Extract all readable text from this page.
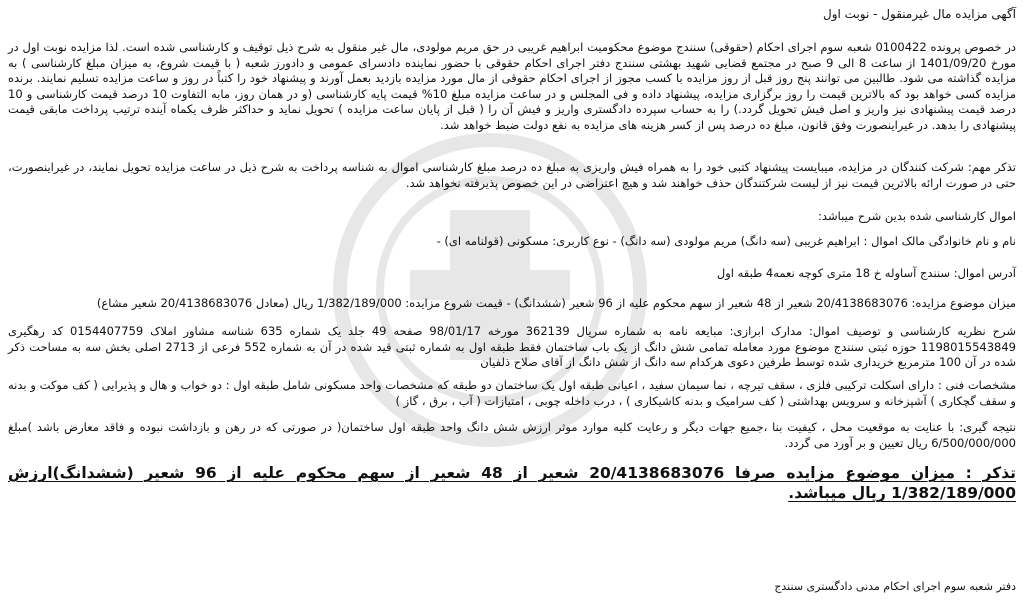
آگهی مزایده مال غیرمنقول - نوبت اول

در خصوص پرونده 0100422 شعبه سوم اجرای احکام (حقوقی) سنندج موضوع محکومیت ابراهیم غریبی در حق مریم مولودی، مال غیر منقول به شرح ذیل توقیف و کارشناسی شده است. لذا مزایده نوبت اول در مورخ 1401/09/20 از ساعت 8 الی 9 صبح در مجتمع قضایی شهید بهشتی سنندج دفتر اجرای احکام حقوقی با حضور نماینده دادسرای عمومی و دادورز شعبه ( با قیمت شروع، به میزان مبلغ کارشناسی ) به مزایده گذاشته می شود. طالبین می توانند پنج روز قبل از روز مزایده با کسب مجوز از اجرای احکام حقوقی از مال مورد مزایده بازدید بعمل آورند و پیشنهاد خود را کتباً در روز و ساعت مزایده تسلیم نمایند. برنده مزایده کسی خواهد بود که بالاترین قیمت را روز برگزاری مزایده، پیشنهاد داده و فی المجلس و در ساعت مزایده مبلغ 10% قیمت پایه کارشناسی (و در همان روز، مابه التفاوت 10 درصد قیمت کارشناسی و 10 درصد قیمت پیشنهادی نیز واریز و اصل فیش تحویل گردد.) را به حساب سپرده دادگستری واریز و فیش آن را ( قبل از پایان ساعت مزایده ) تحویل نماید و حداکثر ظرف یکماه آینده ترتیب پرداخت مابقی قیمت پیشنهادی را بدهد. در غیراینصورت وفق قانون، مبلغ ده درصد پس از کسر هزینه های مزایده به نفع دولت ضبط خواهد شد.

تذکر مهم: شرکت کنندگان در مزایده، میبایست پیشنهاد کتبی خود را به همراه فیش واریزی به مبلغ ده درصد مبلغ کارشناسی اموال به شناسه پرداخت به شرح ذیل در ساعت مزایده تحویل نمایند، در غیراینصورت، حتی در صورت ارائه بالاترین قیمت نیز از لیست شرکتندگان حذف خواهند شد و هیچ اعتراضی در این خصوص پذیرفته نخواهد شد.

اموال کارشناسی شده بدین شرح میباشد:

نام و نام خانوادگی مالک اموال : ابراهیم غریبی (سه دانگ) مریم مولودی (سه دانگ) - نوع کاربری: مسکونی (قولنامه ای) -

آدرس اموال: سنندج آساوله خ 18 متری کوچه نعمه4 طبقه اول

میزان موضوع مزایده: 20/4138683076 شعیر از 48 شعیر از سهم محکوم علیه از 96 شعیر (ششدانگ) - قیمت شروع مزایده: 1/382/189/000 ریال (معادل 20/4138683076 شعیر مشاع)

شرح نظریه کارشناسی و توصیف اموال: مدارک ابرازی: مبایعه نامه به شماره سریال 362139 مورخه 98/01/17 صفحه 49 جلد یک شماره 635 شناسه مشاور املاک 0154407759 کد رهگیری 1198015543849 حوزه ثبتی سنندج موضوع مورد معامله تمامی شش دانگ از یک باب ساختمان فقط طبقه اول به شماره ثبتی قید شده در آن به شماره 552 فرعی از 2713 اصلی بخش سه به مساحت ذکر شده در آن 100 مترمربع خریداری شده توسط طرفین دعوی هرکدام سه دانگ از شش دانگ از آقای صلاح ذلفیان

مشخصات فنی : دارای اسکلت ترکیبی فلزی ، سقف تیرچه ، نما سیمان سفید ، اعیانی طبقه اول یک ساختمان دو طبقه که مشخصات واحد مسکونی شامل طبقه اول : دو خواب و هال و پذیرایی ( کف موکت و بدنه و سقف گچکاری ) آشپزخانه و سرویس بهداشتی ( کف سرامیک و بدنه کاشیکاری ) ، درب داخله چوبی ، امتیازات ( آب ، برق ، گاز )

نتیجه گیری: با عنایت به موقعیت محل ، کیفیت بنا ،جمیع جهات دیگر و رعایت کلیه موارد موثر ارزش شش دانگ واحد طبقه اول ساختمان( در صورتی که در رهن و بازداشت نبوده و فاقد معارض باشد )مبلغ 6/500/000/000 ریال تعیین و بر آورد می گردد.

تذکر : میزان موضوع مزایده صرفا 20/4138683076 شعیر از 48 شعیر از سهم محکوم علیه از 96 شعیر (ششدانگ)ارزش 1/382/189/000 ریال میباشد.

دفتر شعبه سوم اجرای احکام مدنی دادگستری سنندج
